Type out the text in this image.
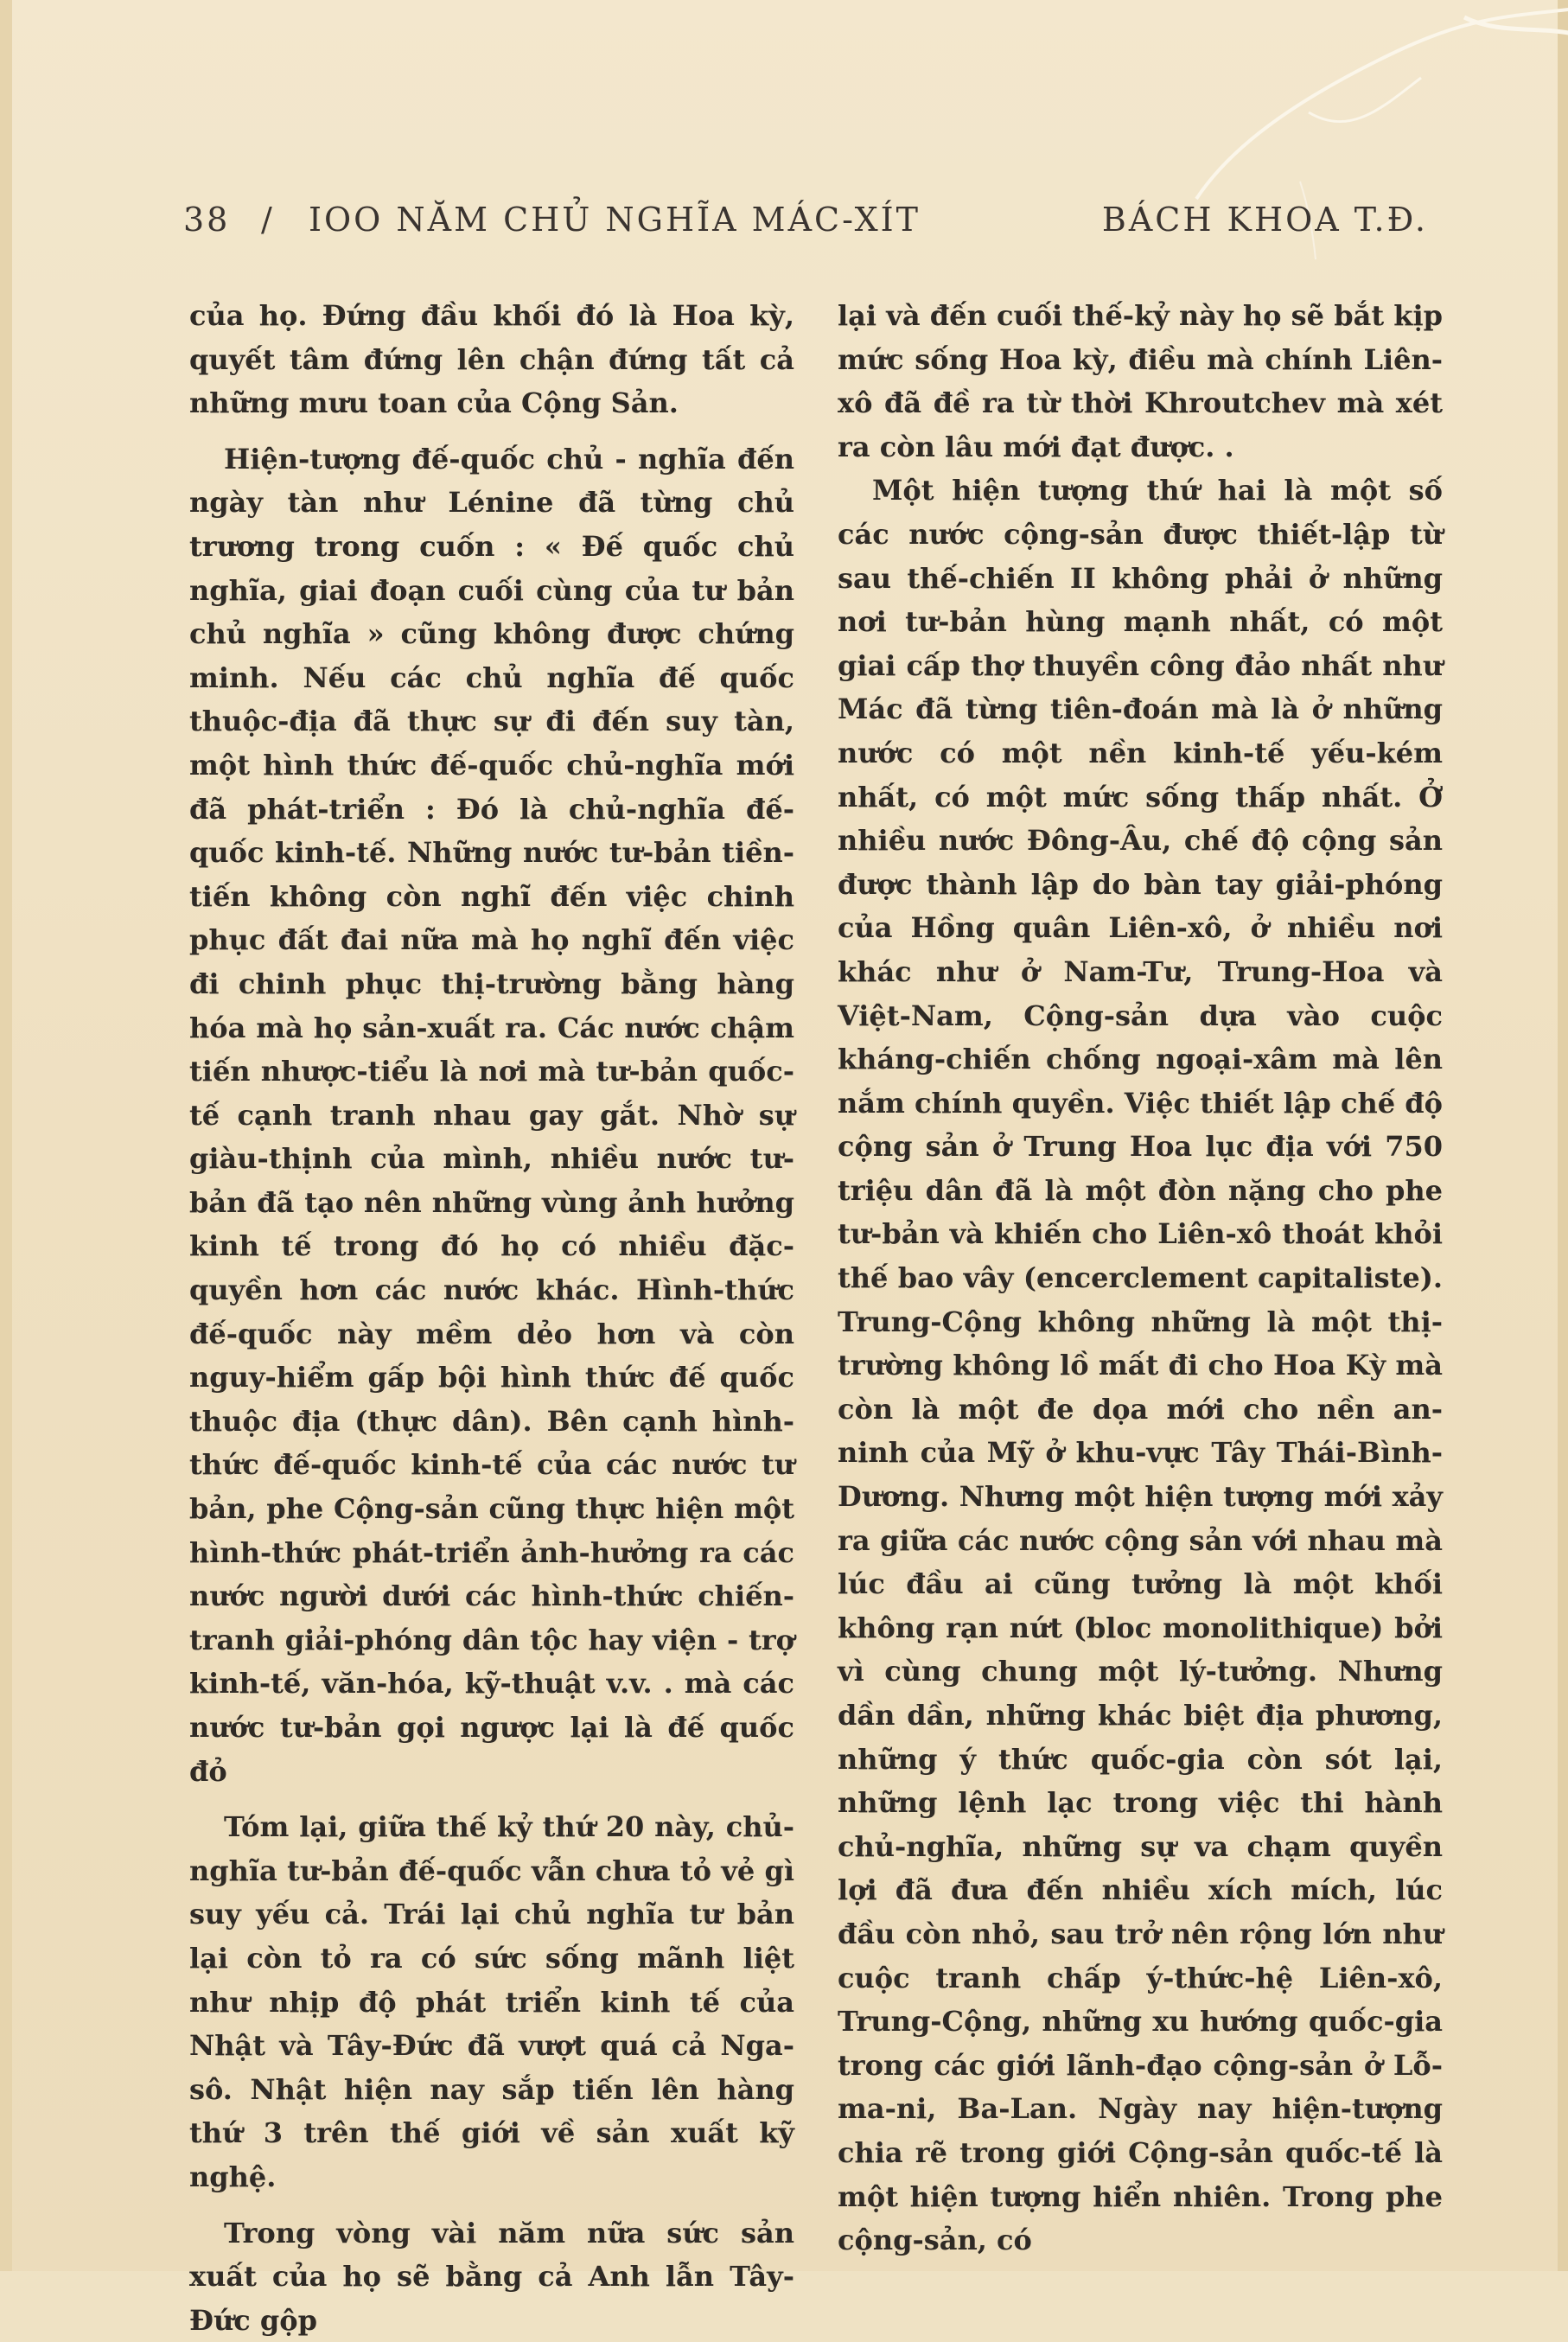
38 / IOO NĂM CHỦ NGHĨA MÁC-XÍT	BÁCH KHOA T.Đ.

của họ. Đứng đầu khối đó là Hoa kỳ, quyết tâm đứng lên chận đứng tất cả những mưu toan của Cộng Sản.

Hiện-tượng đế-quốc chủ - nghĩa đến ngày tàn như Lénine đã từng chủ trương trong cuốn : « Đế quốc chủ nghĩa, giai đoạn cuối cùng của tư bản chủ nghĩa » cũng không được chứng minh. Nếu các chủ nghĩa đế quốc thuộc-địa đã thực sự đi đến suy tàn, một hình thức đế-quốc chủ-nghĩa mới đã phát-triển : Đó là chủ-nghĩa đế-quốc kinh-tế. Những nước tư-bản tiền-tiến không còn nghĩ đến việc chinh phục đất đai nữa mà họ nghĩ đến việc đi chinh phục thị-trường bằng hàng hóa mà họ sản-xuất ra. Các nước chậm tiến nhược-tiểu là nơi mà tư-bản quốc-tế cạnh tranh nhau gay gắt. Nhờ sự giàu-thịnh của mình, nhiều nước tư-bản đã tạo nên những vùng ảnh hưởng kinh tế trong đó họ có nhiều đặc-quyền hơn các nước khác. Hình-thức đế-quốc này mềm dẻo hơn và còn nguy-hiểm gấp bội hình thức đế quốc thuộc địa (thực dân). Bên cạnh hình-thức đế-quốc kinh-tế của các nước tư bản, phe Cộng-sản cũng thực hiện một hình-thức phát-triển ảnh-hưởng ra các nước người dưới các hình-thức chiến-tranh giải-phóng dân tộc hay viện - trợ kinh-tế, văn-hóa, kỹ-thuật v.v. . mà các nước tư-bản gọi ngược lại là đế quốc đỏ

Tóm lại, giữa thế kỷ thứ 20 này, chủ-nghĩa tư-bản đế-quốc vẫn chưa tỏ vẻ gì suy yếu cả. Trái lại chủ nghĩa tư bản lại còn tỏ ra có sức sống mãnh liệt như nhịp độ phát triển kinh tế của Nhật và Tây-Đức đã vượt quá cả Nga-sô. Nhật hiện nay sắp tiến lên hàng thứ 3 trên thế giới về sản xuất kỹ nghệ.

Trong vòng vài năm nữa sức sản xuất của họ sẽ bằng cả Anh lẫn Tây-Đức gộp

lại và đến cuối thế-kỷ này họ sẽ bắt kịp mức sống Hoa kỳ, điều mà chính Liên-xô đã đề ra từ thời Khroutchev mà xét ra còn lâu mới đạt được. .

Một hiện tượng thứ hai là một số các nước cộng-sản được thiết-lập từ sau thế-chiến II không phải ở những nơi tư-bản hùng mạnh nhất, có một giai cấp thợ thuyền công đảo nhất như Mác đã từng tiên-đoán mà là ở những nước có một nền kinh-tế yếu-kém nhất, có một mức sống thấp nhất. Ở nhiều nước Đông-Âu, chế độ cộng sản được thành lập do bàn tay giải-phóng của Hồng quân Liên-xô, ở nhiều nơi khác như ở Nam-Tư, Trung-Hoa và Việt-Nam, Cộng-sản dựa vào cuộc kháng-chiến chống ngoại-xâm mà lên nắm chính quyền. Việc thiết lập chế độ cộng sản ở Trung Hoa lục địa với 750 triệu dân đã là một đòn nặng cho phe tư-bản và khiến cho Liên-xô thoát khỏi thế bao vây (encerclement capitaliste). Trung-Cộng không những là một thị-trường không lồ mất đi cho Hoa Kỳ mà còn là một đe dọa mới cho nền an-ninh của Mỹ ở khu-vực Tây Thái-Bình-Dương. Nhưng một hiện tượng mới xảy ra giữa các nước cộng sản với nhau mà lúc đầu ai cũng tưởng là một khối không rạn nứt (bloc monolithique) bởi vì cùng chung một lý-tưởng. Nhưng dần dần, những khác biệt địa phương, những ý thức quốc-gia còn sót lại, những lệnh lạc trong việc thi hành chủ-nghĩa, những sự va chạm quyền lợi đã đưa đến nhiều xích mích, lúc đầu còn nhỏ, sau trở nên rộng lớn như cuộc tranh chấp ý-thức-hệ Liên-xô, Trung-Cộng, những xu hướng quốc-gia trong các giới lãnh-đạo cộng-sản ở Lỗ-ma-ni, Ba-Lan. Ngày nay hiện-tượng chia rẽ trong giới Cộng-sản quốc-tế là một hiện tượng hiển nhiên. Trong phe cộng-sản, có
